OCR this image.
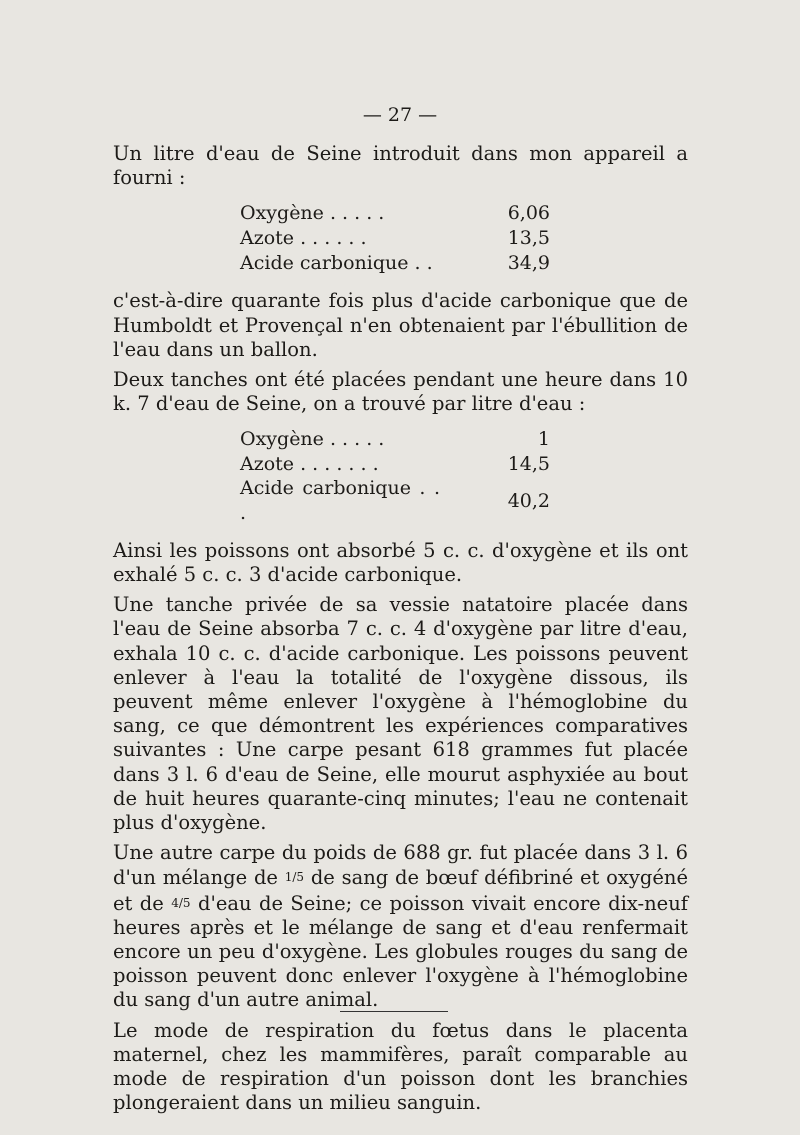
— 27 —

Un litre d'eau de Seine introduit dans mon appareil a fourni :

Oxygène . . . . .	6,06
Azote . . . . . .	13,5
Acide carbonique . .	34,9

c'est-à-dire quarante fois plus d'acide carbonique que de Humboldt et Provençal n'en obtenaient par l'ébullition de l'eau dans un ballon.

Deux tanches ont été placées pendant une heure dans 10 k. 7 d'eau de Seine, on a trouvé par litre d'eau :

Oxygène . . . . .	1
Azote . . . . . . .	14,5
Acide carbonique . . .	40,2

Ainsi les poissons ont absorbé 5 c. c. d'oxygène et ils ont exhalé 5 c. c. 3 d'acide carbonique.

Une tanche privée de sa vessie natatoire placée dans l'eau de Seine absorba 7 c. c. 4 d'oxygène par litre d'eau, exhala 10 c. c. d'acide carbonique. Les poissons peuvent enlever à l'eau la totalité de l'oxygène dissous, ils peuvent même enlever l'oxygène à l'hémoglobine du sang, ce que démontrent les expériences comparatives suivantes : Une carpe pesant 618 grammes fut placée dans 3 l. 6 d'eau de Seine, elle mourut asphyxiée au bout de huit heures quarante-cinq minutes; l'eau ne contenait plus d'oxygène.

Une autre carpe du poids de 688 gr. fut placée dans 3 l. 6 d'un mélange de 1/5 de sang de bœuf défibriné et oxygéné et de 4/5 d'eau de Seine; ce poisson vivait encore dix-neuf heures après et le mélange de sang et d'eau renfermait encore un peu d'oxygène. Les globules rouges du sang de poisson peuvent donc enlever l'oxygène à l'hémoglobine du sang d'un autre animal.

Le mode de respiration du fœtus dans le placenta maternel, chez les mammifères, paraît comparable au mode de respiration d'un poisson dont les branchies plongeraient dans un milieu sanguin.
